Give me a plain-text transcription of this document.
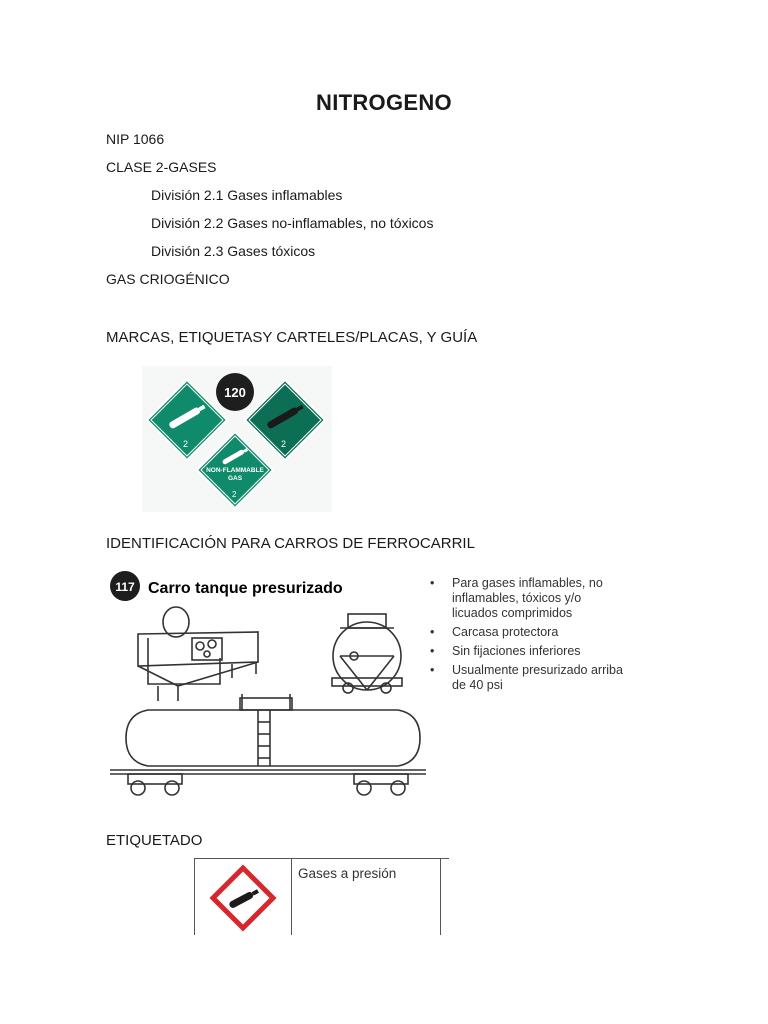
NITROGENO
NIP 1066
CLASE 2-GASES
División 2.1 Gases inflamables
División 2.2 Gases no-inflamables, no tóxicos
División 2.3 Gases tóxicos
GAS CRIOGÉNICO
MARCAS, ETIQUETASY CARTELES/PLACAS, Y GUÍA
2
120
2
NON-FLAMMABLE
GAS
2
IDENTIFICACIÓN PARA CARROS DE FERROCARRIL
117 Carro tanque presurizado	• Para gases inflamables, no inflamables, tóxicos y/o licuados comprimidos
• Carcasa protectora
• Sin fijaciones inferiores
• Usualmente presurizado arriba de 40 psi
ETIQUETADO
Gases a presión
